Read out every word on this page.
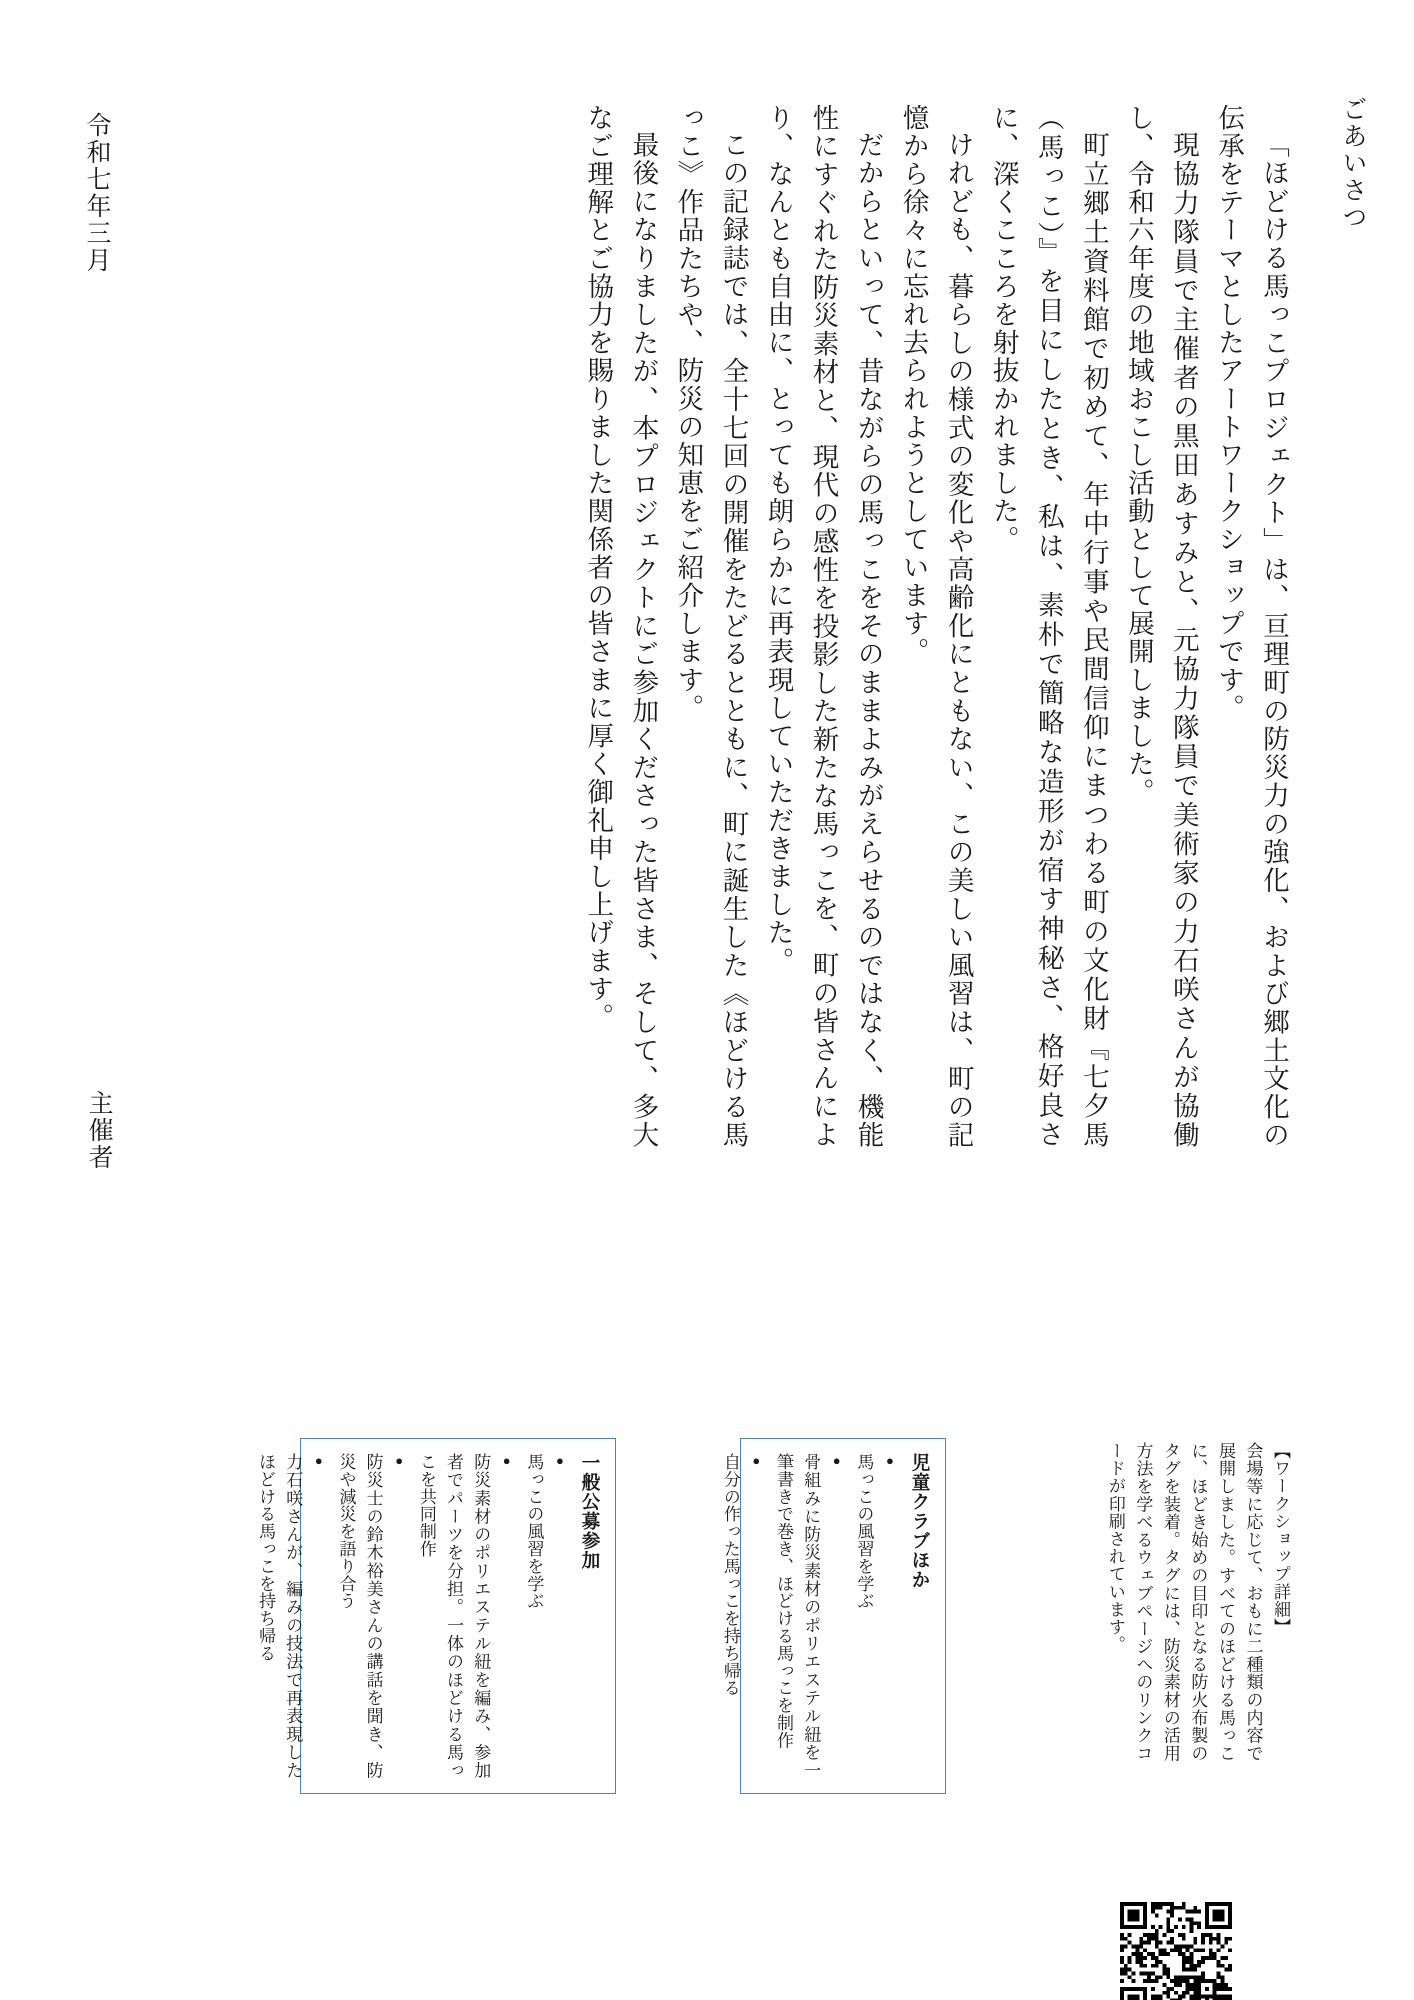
ごあいさつ

「ほどける馬っこプロジェクト」は、亘理町の防災力の強化、および郷土文化の伝承をテーマとしたアートワークショップです。

現協力隊員で主催者の黒田あすみと、元協力隊員で美術家の力石咲さんが協働し、令和六年度の地域おこし活動として展開しました。

町立郷土資料館で初めて、年中行事や民間信仰にまつわる町の文化財『七夕馬（馬っこ）』を目にしたとき、私は、素朴で簡略な造形が宿す神秘さ、格好良さに、深くこころを射抜かれました。

けれども、暮らしの様式の変化や高齢化にともない、この美しい風習は、町の記憶から徐々に忘れ去られようとしています。

だからといって、昔ながらの馬っこをそのままよみがえらせるのではなく、機能性にすぐれた防災素材と、現代の感性を投影した新たな馬っこを、町の皆さんにより、なんとも自由に、とっても朗らかに再表現していただきました。

この記録誌では、全十七回の開催をたどるとともに、町に誕生した《ほどける馬っこ》作品たちや、防災の知恵をご紹介します。

最後になりましたが、本プロジェクトにご参加くださった皆さま、そして、多大なご理解とご協力を賜りました関係者の皆さまに厚く御礼申し上げます。

令和七年三月
主催者

【ワークショップ詳細】

会場等に応じて、おもに二種類の内容で展開しました。すべてのほどける馬っこに、ほどき始めの目印となる防火布製のタグを装着。タグには、防災素材の活用方法を学べるウェブページへのリンクコードが印刷されています。

児童クラブほか

● 馬っこの風習を学ぶ
● 骨組みに防災素材のポリエステル紐を一筆書きで巻き、ほどける馬っこを制作
● 自分の作った馬っこを持ち帰る

一般公募参加

● 馬っこの風習を学ぶ
● 防災素材のポリエステル紐を編み、参加者でパーツを分担。一体のほどける馬っこを共同制作
● 防災士の鈴木裕美さんの講話を聞き、防災や減災を語り合う
● 力石咲さんが、編みの技法で再表現したほどける馬っこを持ち帰る
